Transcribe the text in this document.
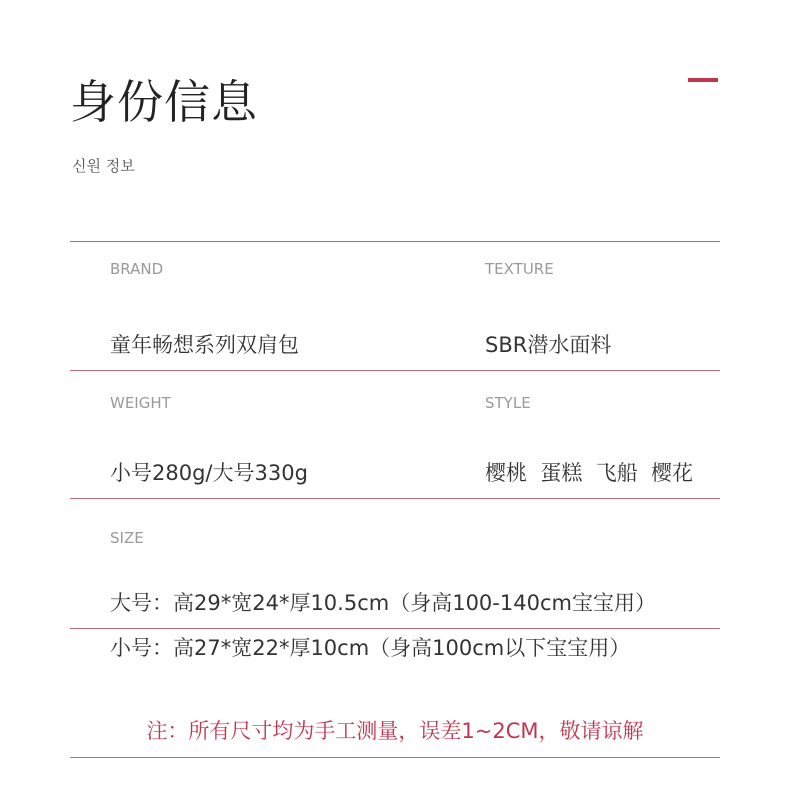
身份信息
신원 정보
BRAND	TEXTURE
童年畅想系列双肩包	SBR潜水面料
WEIGHT	STYLE
小号280g/大号330g	樱桃  蛋糕  飞船  樱花
SIZE
大号：高29*宽24*厚10.5cm（身高100-140cm宝宝用）
小号：高27*宽22*厚10cm（身高100cm以下宝宝用）
注：所有尺寸均为手工测量，误差1~2CM，敬请谅解
